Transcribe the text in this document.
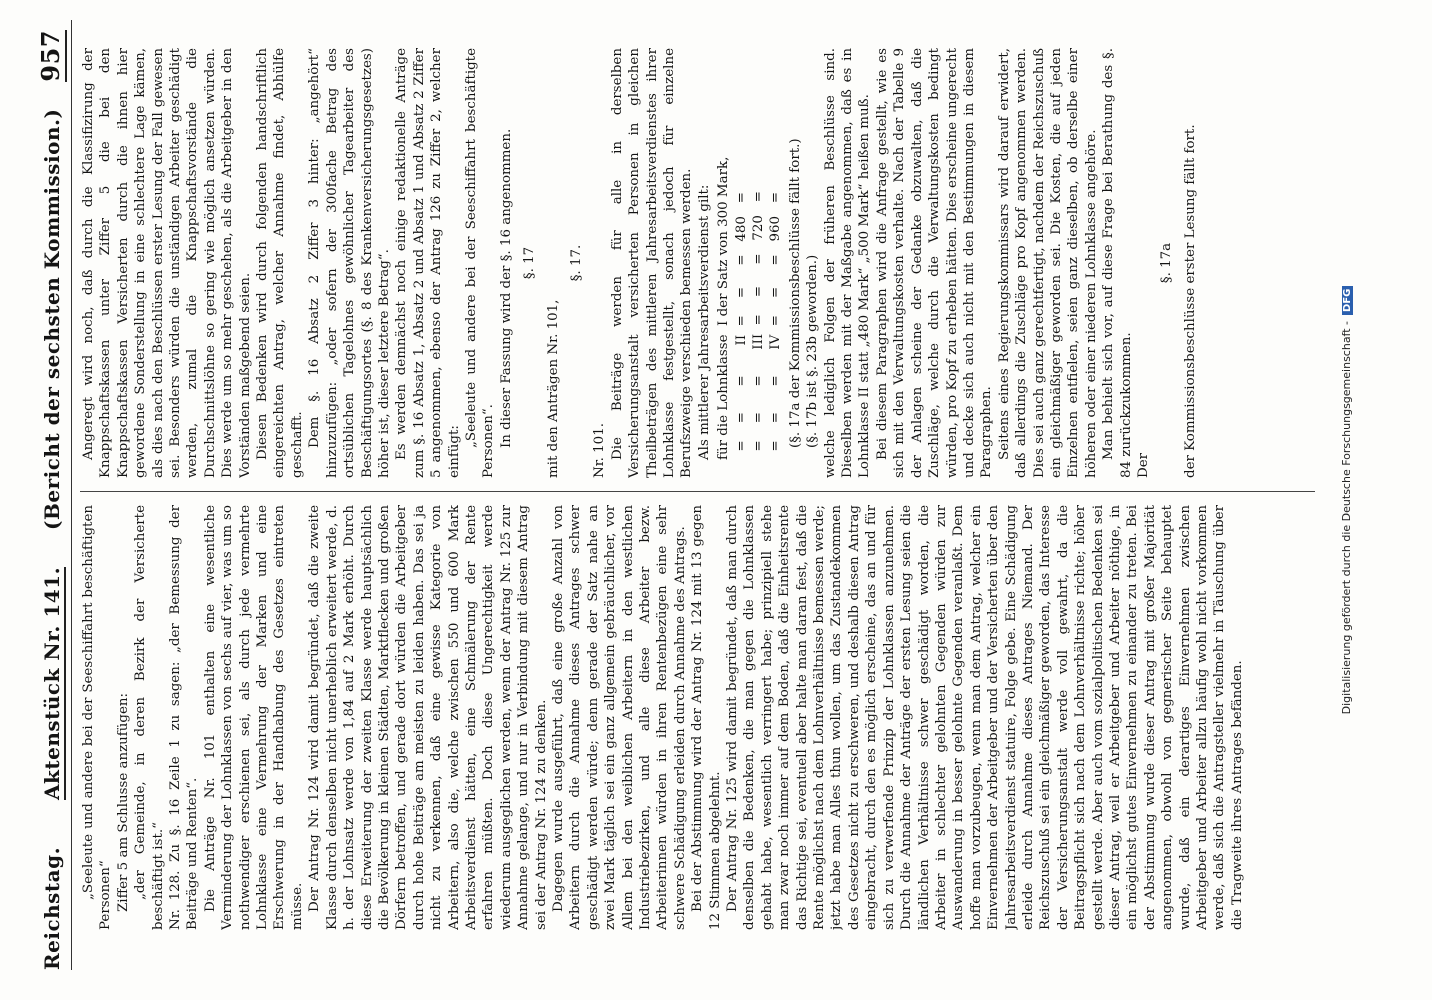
Reichstag.
Aktenstück Nr. 141.
(Bericht der sechsten Kommission.)
957

„Seeleute und andere bei der Seeschiffahrt beschäftigten Personen“ Ziffer 5 am Schlusse anzufügen: „der Gemeinde, in deren Bezirk der Versicherte beschäftigt ist.“ Nr. 128. Zu §. 16 Zeile 1 zu sagen: „der Bemessung der Beiträge und Renten“. Die Anträge Nr. 101 enthalten eine wesentliche Verminderung der Lohnklassen von sechs auf vier, was um so nothwendiger erschienen sei, als durch jede vermehrte Lohnklasse eine Vermehrung der Marken und eine Erschwerung in der Handhabung des Gesetzes eintreten müsse. Der Antrag Nr. 124 wird damit begründet, daß die zweite Klasse durch denselben nicht unerheblich erweitert werde, d. h. der Lohnsatz werde von 1,84 auf 2 Mark erhöht. Durch diese Erweiterung der zweiten Klasse werde hauptsächlich die Bevölkerung in kleinen Städten, Marktflecken und großen Dörfern betroffen, und gerade dort würden die Arbeitgeber durch hohe Beiträge am meisten zu leiden haben. Das sei ja nicht zu verkennen, daß eine gewisse Kategorie von Arbeitern, also die, welche zwischen 550 und 600 Mark Arbeitsverdienst hätten, eine Schmälerung der Rente erfahren müßten. Doch diese Ungerechtigkeit werde wiederum ausgeglichen werden, wenn der Antrag Nr. 125 zur Annahme gelange, und nur in Verbindung mit diesem Antrag sei der Antrag Nr. 124 zu denken. Dagegen wurde ausgeführt, daß eine große Anzahl von Arbeitern durch die Annahme dieses Antrages schwer geschädigt werden würde; denn gerade der Satz nahe an zwei Mark täglich sei ein ganz allgemein gebräuchlicher, vor Allem bei den weiblichen Arbeitern in den westlichen Industriebezirken, und alle diese Arbeiter bezw. Arbeiterinnen würden in ihren Rentenbezügen eine sehr schwere Schädigung erleiden durch Annahme des Antrags. Bei der Abstimmung wird der Antrag Nr. 124 mit 13 gegen 12 Stimmen abgelehnt. Der Antrag Nr. 125 wird damit begründet, daß man durch denselben die Bedenken, die man gegen die Lohnklassen gehabt habe, wesentlich verringert habe; prinzipiell stehe man zwar noch immer auf dem Boden, daß die Einheitsrente das Richtige sei, eventuell aber halte man daran fest, daß die Rente möglichst nach dem Lohnverhältnisse bemessen werde; jetzt habe man Alles thun wollen, um das Zustandekommen des Gesetzes nicht zu erschweren, und deshalb diesen Antrag eingebracht, durch den es möglich erscheine, das an und für sich zu verwerfende Prinzip der Lohnklassen anzunehmen. Durch die Annahme der Anträge der ersten Lesung seien die ländlichen Verhältnisse schwer geschädigt worden, die Arbeiter in schlechter gelohnten Gegenden würden zur Auswanderung in besser gelohnte Gegenden veranlaßt. Dem hoffe man vorzubeugen, wenn man dem Antrag, welcher ein Einvernehmen der Arbeitgeber und der Versicherten über den Jahresarbeitsverdienst statuire, Folge gebe. Eine Schädigung erleide durch Annahme dieses Antrages Niemand. Der Reichszuschuß sei ein gleichmäßiger geworden, das Interesse der Versicherungsanstalt werde voll gewahrt, da die Beitragspflicht sich nach dem Lohnverhältnisse richte; höher gestellt werde. Aber auch vom sozialpolitischen Bedenken sei dieser Antrag, weil er Arbeitgeber und Arbeiter nöthige, in ein möglichst gutes Einvernehmen zu einander zu treten. Bei der Abstimmung wurde dieser Antrag mit großer Majorität angenommen, obwohl von gegnerischer Seite behauptet wurde, daß ein derartiges Einvernehmen zwischen Arbeitgeber und Arbeiter allzu häufig wohl nicht vorkommen werde, daß sich die Antragsteller vielmehr in Täuschung über die Tragweite ihres Antrages befänden.

Angeregt wird noch, daß durch die Klassifizirung der Knappschaftskassen unter Ziffer 5 die bei den Knappschaftskassen Versicherten durch die ihnen hier gewordene Sonderstellung in eine schlechtere Lage kämen, als dies nach den Beschlüssen erster Lesung der Fall gewesen sei. Besonders würden die unständigen Arbeiter geschädigt werden, zumal die Knappschaftsvorstände die Durchschnittslöhne so gering wie möglich ansetzen würden. Dies werde um so mehr geschehen, als die Arbeitgeber in den Vorständen maßgebend seien. Diesen Bedenken wird durch folgenden handschriftlich eingereichten Antrag, welcher Annahme findet, Abhülfe geschafft. Dem §. 16 Absatz 2 Ziffer 3 hinter: „angehört“ hinzuzufügen: „oder sofern der 300fache Betrag des ortsüblichen Tagelohnes gewöhnlicher Tagearbeiter des Beschäftigungsortes (§. 8 des Krankenversicherungsgesetzes) höher ist, dieser letztere Betrag“. Es werden demnächst noch einige redaktionelle Anträge zum §. 16 Absatz 1, Absatz 2 und Absatz 1 und Absatz 2 Ziffer 5 angenommen, ebenso der Antrag 126 zu Ziffer 2, welcher einfügt:

„Seeleute und andere bei der Seeschiffahrt beschäftigte Personen“. In dieser Fassung wird der §. 16 angenommen. §. 17

mit den Anträgen Nr. 101,

§. 17.

Nr. 101. Die Beiträge werden für alle in derselben Versicherungsanstalt versicherten Personen in gleichen Theilbeträgen des mittleren Jahresarbeitsverdienstes ihrer Lohnklasse festgestellt, sonach jedoch für einzelne Berufszweige verschieden bemessen werden. Als mittlerer Jahresarbeitsverdienst gilt: für die Lohnklasse  I der Satz von 300 Mark, =    =      =       II  =    =     =   480   = =    =      =      III  =    =     =   720   = =    =      =      IV  =    =     =   960   = (§. 17a der Kommissionsbeschlüsse fällt fort.) (§. 17b ist §. 23b geworden.) welche lediglich Folgen der früheren Beschlüsse sind. Dieselben werden mit der Maßgabe angenommen, daß es in Lohnklasse II statt „480 Mark“ „500 Mark“ heißen muß. Bei diesem Paragraphen wird die Anfrage gestellt, wie es sich mit den Verwaltungskosten verhalte. Nach der Tabelle 9 der Anlagen scheine der Gedanke obzuwalten, daß die Zuschläge, welche durch die Verwaltungskosten bedingt würden, pro Kopf zu erheben hätten. Dies erscheine ungerecht und decke sich auch nicht mit den Bestimmungen in diesem Paragraphen. Seitens eines Regierungskommissars wird darauf erwidert, daß allerdings die Zuschläge pro Kopf angenommen werden. Dies sei auch ganz gerechtfertigt, nachdem der Reichszuschuß ein gleichmäßiger geworden sei. Die Kosten, die auf jeden Einzelnen entfielen, seien ganz dieselben, ob derselbe einer höheren oder einer niederen Lohnklasse angehöre. Man behielt sich vor, auf diese Frage bei Berathung des §. 84 zurückzukommen. Der

§. 17a der Kommissionsbeschlüsse erster Lesung fällt fort.

Digitalisierung gefördert durch die Deutsche Forschungsgemeinschaft -DFG
